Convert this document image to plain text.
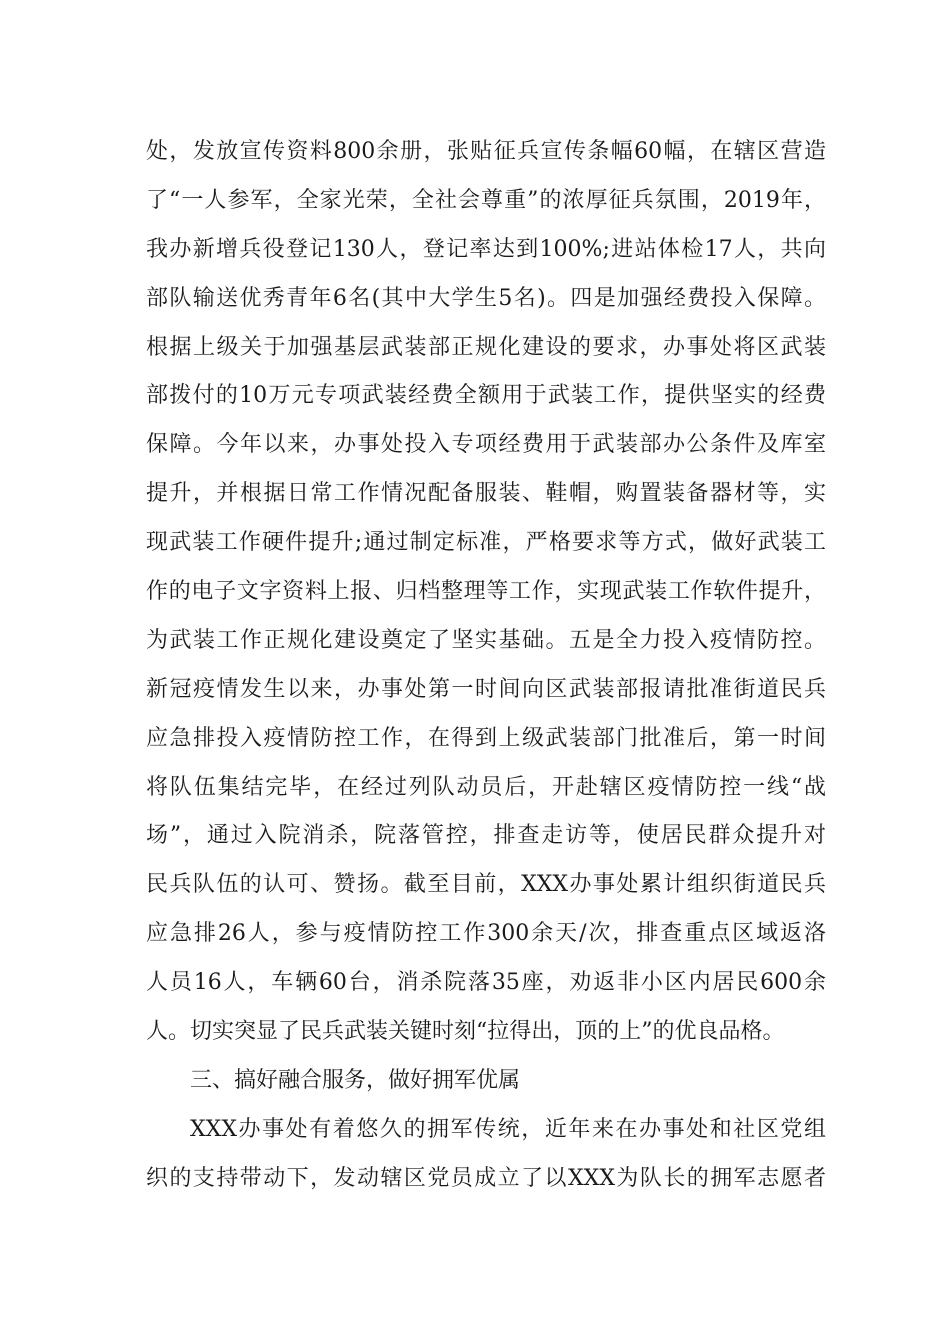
处，发放宣传资料800余册，张贴征兵宣传条幅60幅，在辖区营造
了“一人参军，全家光荣，全社会尊重”的浓厚征兵氛围，2019年，
我办新增兵役登记130人，登记率达到100%;进站体检17人，共向
部队输送优秀青年6名(其中大学生5名)。四是加强经费投入保障。
根据上级关于加强基层武装部正规化建设的要求，办事处将区武装
部拨付的10万元专项武装经费全额用于武装工作，提供坚实的经费
保障。今年以来，办事处投入专项经费用于武装部办公条件及库室
提升，并根据日常工作情况配备服装、鞋帽，购置装备器材等，实
现武装工作硬件提升;通过制定标准，严格要求等方式，做好武装工
作的电子文字资料上报、归档整理等工作，实现武装工作软件提升，
为武装工作正规化建设奠定了坚实基础。五是全力投入疫情防控。
新冠疫情发生以来，办事处第一时间向区武装部报请批准街道民兵
应急排投入疫情防控工作，在得到上级武装部门批准后，第一时间
将队伍集结完毕，在经过列队动员后，开赴辖区疫情防控一线“战
场”，通过入院消杀，院落管控，排查走访等，使居民群众提升对
民兵队伍的认可、赞扬。截至目前，XXX办事处累计组织街道民兵
应急排26人，参与疫情防控工作300余天/次，排查重点区域返洛
人员16人，车辆60台，消杀院落35座，劝返非小区内居民600余
人。切实突显了民兵武装关键时刻“拉得出，顶的上”的优良品格。
三、搞好融合服务，做好拥军优属
XXX办事处有着悠久的拥军传统，近年来在办事处和社区党组
织的支持带动下，发动辖区党员成立了以XXX为队长的拥军志愿者
